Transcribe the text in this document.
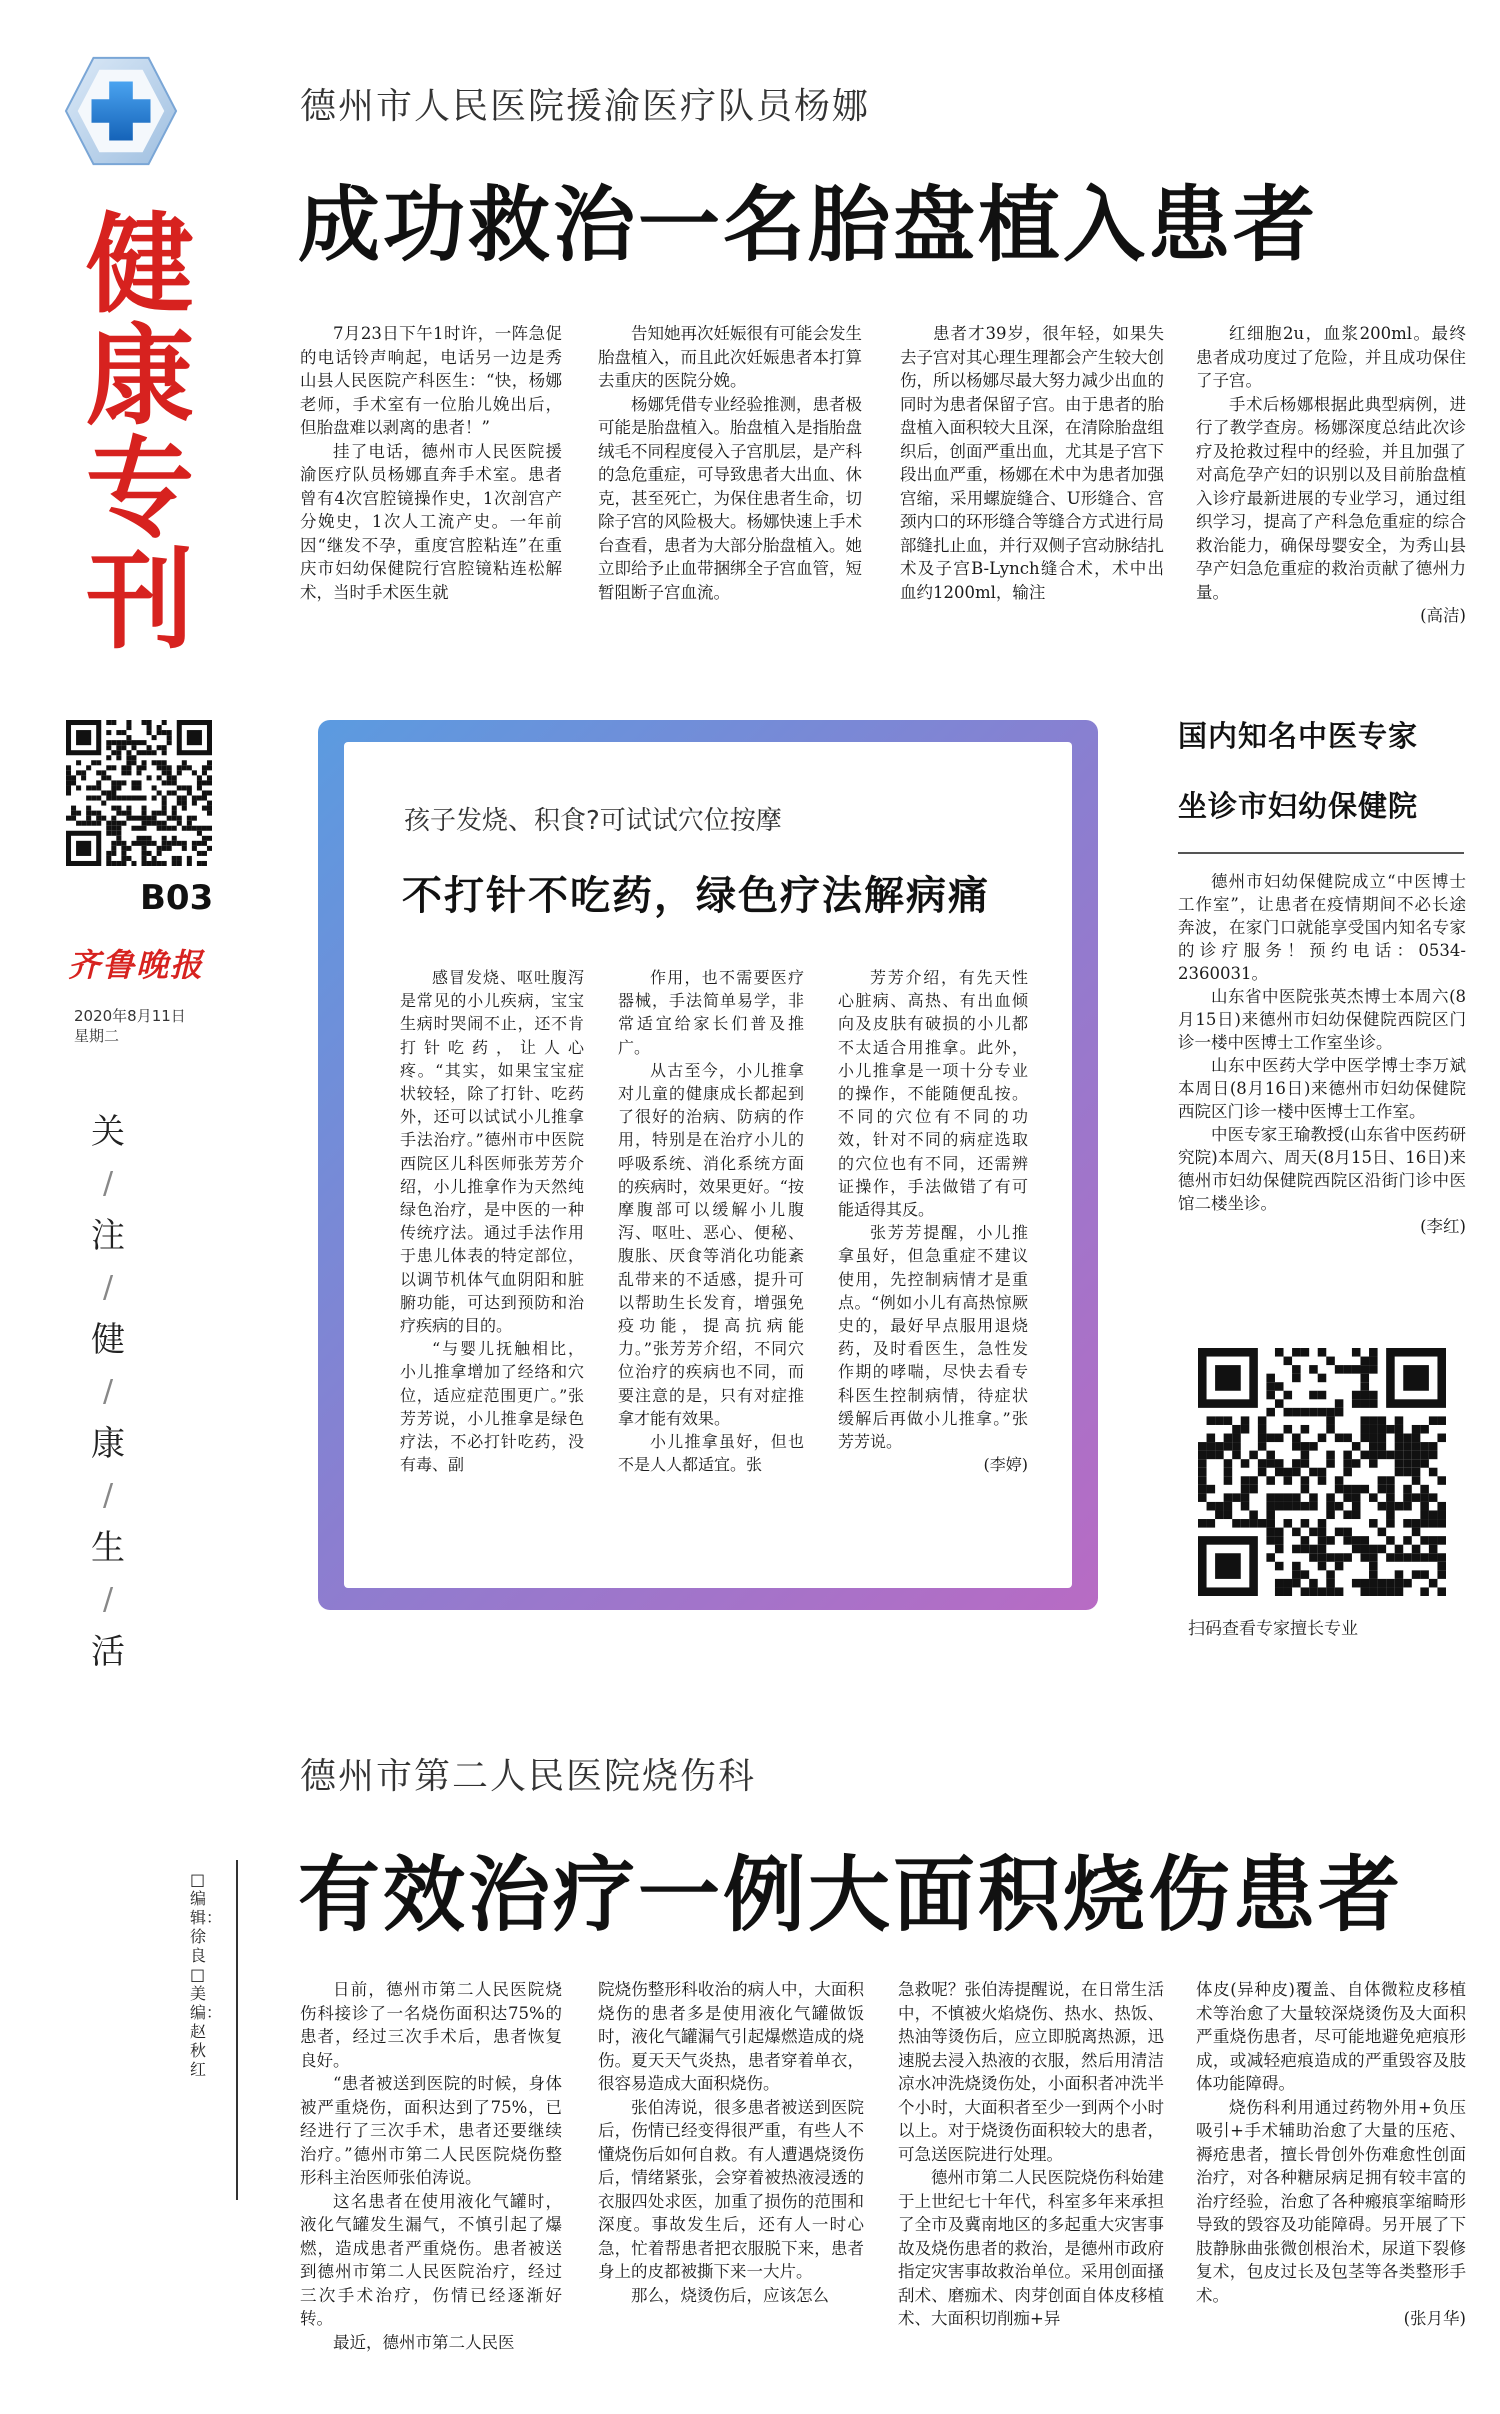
健
康
专
刊
B03
齐鲁晚报
2020年8月11日
星期二
关
/
注
/
健
/
康
/
生
/
活
□编辑：徐良 □美编：赵秋红
德州市人民医院援渝医疗队员杨娜
成功救治一名胎盘植入患者

7月23日下午1时许，一阵急促的电话铃声响起，电话另一边是秀山县人民医院产科医生：“快，杨娜老师，手术室有一位胎儿娩出后，但胎盘难以剥离的患者！”

挂了电话，德州市人民医院援渝医疗队员杨娜直奔手术室。患者曾有4次宫腔镜操作史，1次剖宫产分娩史，1次人工流产史。一年前因“继发不孕，重度宫腔粘连”在重庆市妇幼保健院行宫腔镜粘连松解术，当时手术医生就

告知她再次妊娠很有可能会发生胎盘植入，而且此次妊娠患者本打算去重庆的医院分娩。

杨娜凭借专业经验推测，患者极可能是胎盘植入。胎盘植入是指胎盘绒毛不同程度侵入子宫肌层，是产科的急危重症，可导致患者大出血、休克，甚至死亡，为保住患者生命，切除子宫的风险极大。杨娜快速上手术台查看，患者为大部分胎盘植入。她立即给予止血带捆绑全子宫血管，短暂阻断子宫血流。

患者才39岁，很年轻，如果失去子宫对其心理生理都会产生较大创伤，所以杨娜尽最大努力减少出血的同时为患者保留子宫。由于患者的胎盘植入面积较大且深，在清除胎盘组织后，创面严重出血，尤其是子宫下段出血严重，杨娜在术中为患者加强宫缩，采用螺旋缝合、U形缝合、宫颈内口的环形缝合等缝合方式进行局部缝扎止血，并行双侧子宫动脉结扎术及子宫B-Lynch缝合术，术中出血约1200ml，输注

红细胞2u，血浆200ml。最终患者成功度过了危险，并且成功保住了子宫。

手术后杨娜根据此典型病例，进行了教学查房。杨娜深度总结此次诊疗及抢救过程中的经验，并且加强了对高危孕产妇的识别以及目前胎盘植入诊疗最新进展的专业学习，通过组织学习，提高了产科急危重症的综合救治能力，确保母婴安全，为秀山县孕产妇急危重症的救治贡献了德州力量。

(高洁)
孩子发烧、积食?可试试穴位按摩
不打针不吃药，绿色疗法解病痛

感冒发烧、呕吐腹泻是常见的小儿疾病，宝宝生病时哭闹不止，还不肯打针吃药，让人心疼。“其实，如果宝宝症状较轻，除了打针、吃药外，还可以试试小儿推拿手法治疗。”德州市中医院西院区儿科医师张芳芳介绍，小儿推拿作为天然纯绿色治疗，是中医的一种传统疗法。通过手法作用于患儿体表的特定部位，以调节机体气血阴阳和脏腑功能，可达到预防和治疗疾病的目的。

“与婴儿抚触相比，小儿推拿增加了经络和穴位，适应症范围更广。”张芳芳说，小儿推拿是绿色疗法，不必打针吃药，没有毒、副

作用，也不需要医疗器械，手法简单易学，非常适宜给家长们普及推广。

从古至今，小儿推拿对儿童的健康成长都起到了很好的治病、防病的作用，特别是在治疗小儿的呼吸系统、消化系统方面的疾病时，效果更好。“按摩腹部可以缓解小儿腹泻、呕吐、恶心、便秘、腹胀、厌食等消化功能紊乱带来的不适感，提升可以帮助生长发育，增强免疫功能，提高抗病能力。”张芳芳介绍，不同穴位治疗的疾病也不同，而要注意的是，只有对症推拿才能有效果。

小儿推拿虽好，但也不是人人都适宜。张

芳芳介绍，有先天性心脏病、高热、有出血倾向及皮肤有破损的小儿都不太适合用推拿。此外，小儿推拿是一项十分专业的操作，不能随便乱按。不同的穴位有不同的功效，针对不同的病症选取的穴位也有不同，还需辨证操作，手法做错了有可能适得其反。

张芳芳提醒，小儿推拿虽好，但急重症不建议使用，先控制病情才是重点。“例如小儿有高热惊厥史的，最好早点服用退烧药，及时看医生，急性发作期的哮喘，尽快去看专科医生控制病情，待症状缓解后再做小儿推拿。”张芳芳说。

(李婷)
国内知名中医专家
坐诊市妇幼保健院

德州市妇幼保健院成立“中医博士工作室”，让患者在疫情期间不必长途奔波，在家门口就能享受国内知名专家的诊疗服务！预约电话：0534-2360031。

山东省中医院张英杰博士本周六(8月15日)来德州市妇幼保健院西院区门诊一楼中医博士工作室坐诊。

山东中医药大学中医学博士李万斌本周日(8月16日)来德州市妇幼保健院西院区门诊一楼中医博士工作室。

中医专家王瑜教授(山东省中医药研究院)本周六、周天(8月15日、16日)来德州市妇幼保健院西院区沿街门诊中医馆二楼坐诊。

(李红)
扫码查看专家擅长专业
德州市第二人民医院烧伤科
有效治疗一例大面积烧伤患者

日前，德州市第二人民医院烧伤科接诊了一名烧伤面积达75%的患者，经过三次手术后，患者恢复良好。

“患者被送到医院的时候，身体被严重烧伤，面积达到了75%，已经进行了三次手术，患者还要继续治疗。”德州市第二人民医院烧伤整形科主治医师张伯涛说。

这名患者在使用液化气罐时，液化气罐发生漏气，不慎引起了爆燃，造成患者严重烧伤。患者被送到德州市第二人民医院治疗，经过三次手术治疗，伤情已经逐渐好转。

最近，德州市第二人民医

院烧伤整形科收治的病人中，大面积烧伤的患者多是使用液化气罐做饭时，液化气罐漏气引起爆燃造成的烧伤。夏天天气炎热，患者穿着单衣，很容易造成大面积烧伤。

张伯涛说，很多患者被送到医院后，伤情已经变得很严重，有些人不懂烧伤后如何自救。有人遭遇烧烫伤后，情绪紧张，会穿着被热液浸透的衣服四处求医，加重了损伤的范围和深度。事故发生后，还有人一时心急，忙着帮患者把衣服脱下来，患者身上的皮都被撕下来一大片。

那么，烧烫伤后，应该怎么

急救呢？张伯涛提醒说，在日常生活中，不慎被火焰烧伤、热水、热饭、热油等烫伤后，应立即脱离热源，迅速脱去浸入热液的衣服，然后用清洁凉水冲洗烧烫伤处，小面积者冲洗半个小时，大面积者至少一到两个小时以上。对于烧烫伤面积较大的患者，可急送医院进行处理。

德州市第二人民医院烧伤科始建于上世纪七十年代，科室多年来承担了全市及冀南地区的多起重大灾害事故及烧伤患者的救治，是德州市政府指定灾害事故救治单位。采用创面搔刮术、磨痂术、肉芽创面自体皮移植术、大面积切削痂+异

体皮(异种皮)覆盖、自体微粒皮移植术等治愈了大量较深烧烫伤及大面积严重烧伤患者，尽可能地避免疤痕形成，或减轻疤痕造成的严重毁容及肢体功能障碍。

烧伤科利用通过药物外用+负压吸引+手术辅助治愈了大量的压疮、褥疮患者，擅长骨创外伤难愈性创面治疗，对各种糖尿病足拥有较丰富的治疗经验，治愈了各种瘢痕挛缩畸形导致的毁容及功能障碍。另开展了下肢静脉曲张微创根治术，尿道下裂修复术，包皮过长及包茎等各类整形手术。

(张月华)
